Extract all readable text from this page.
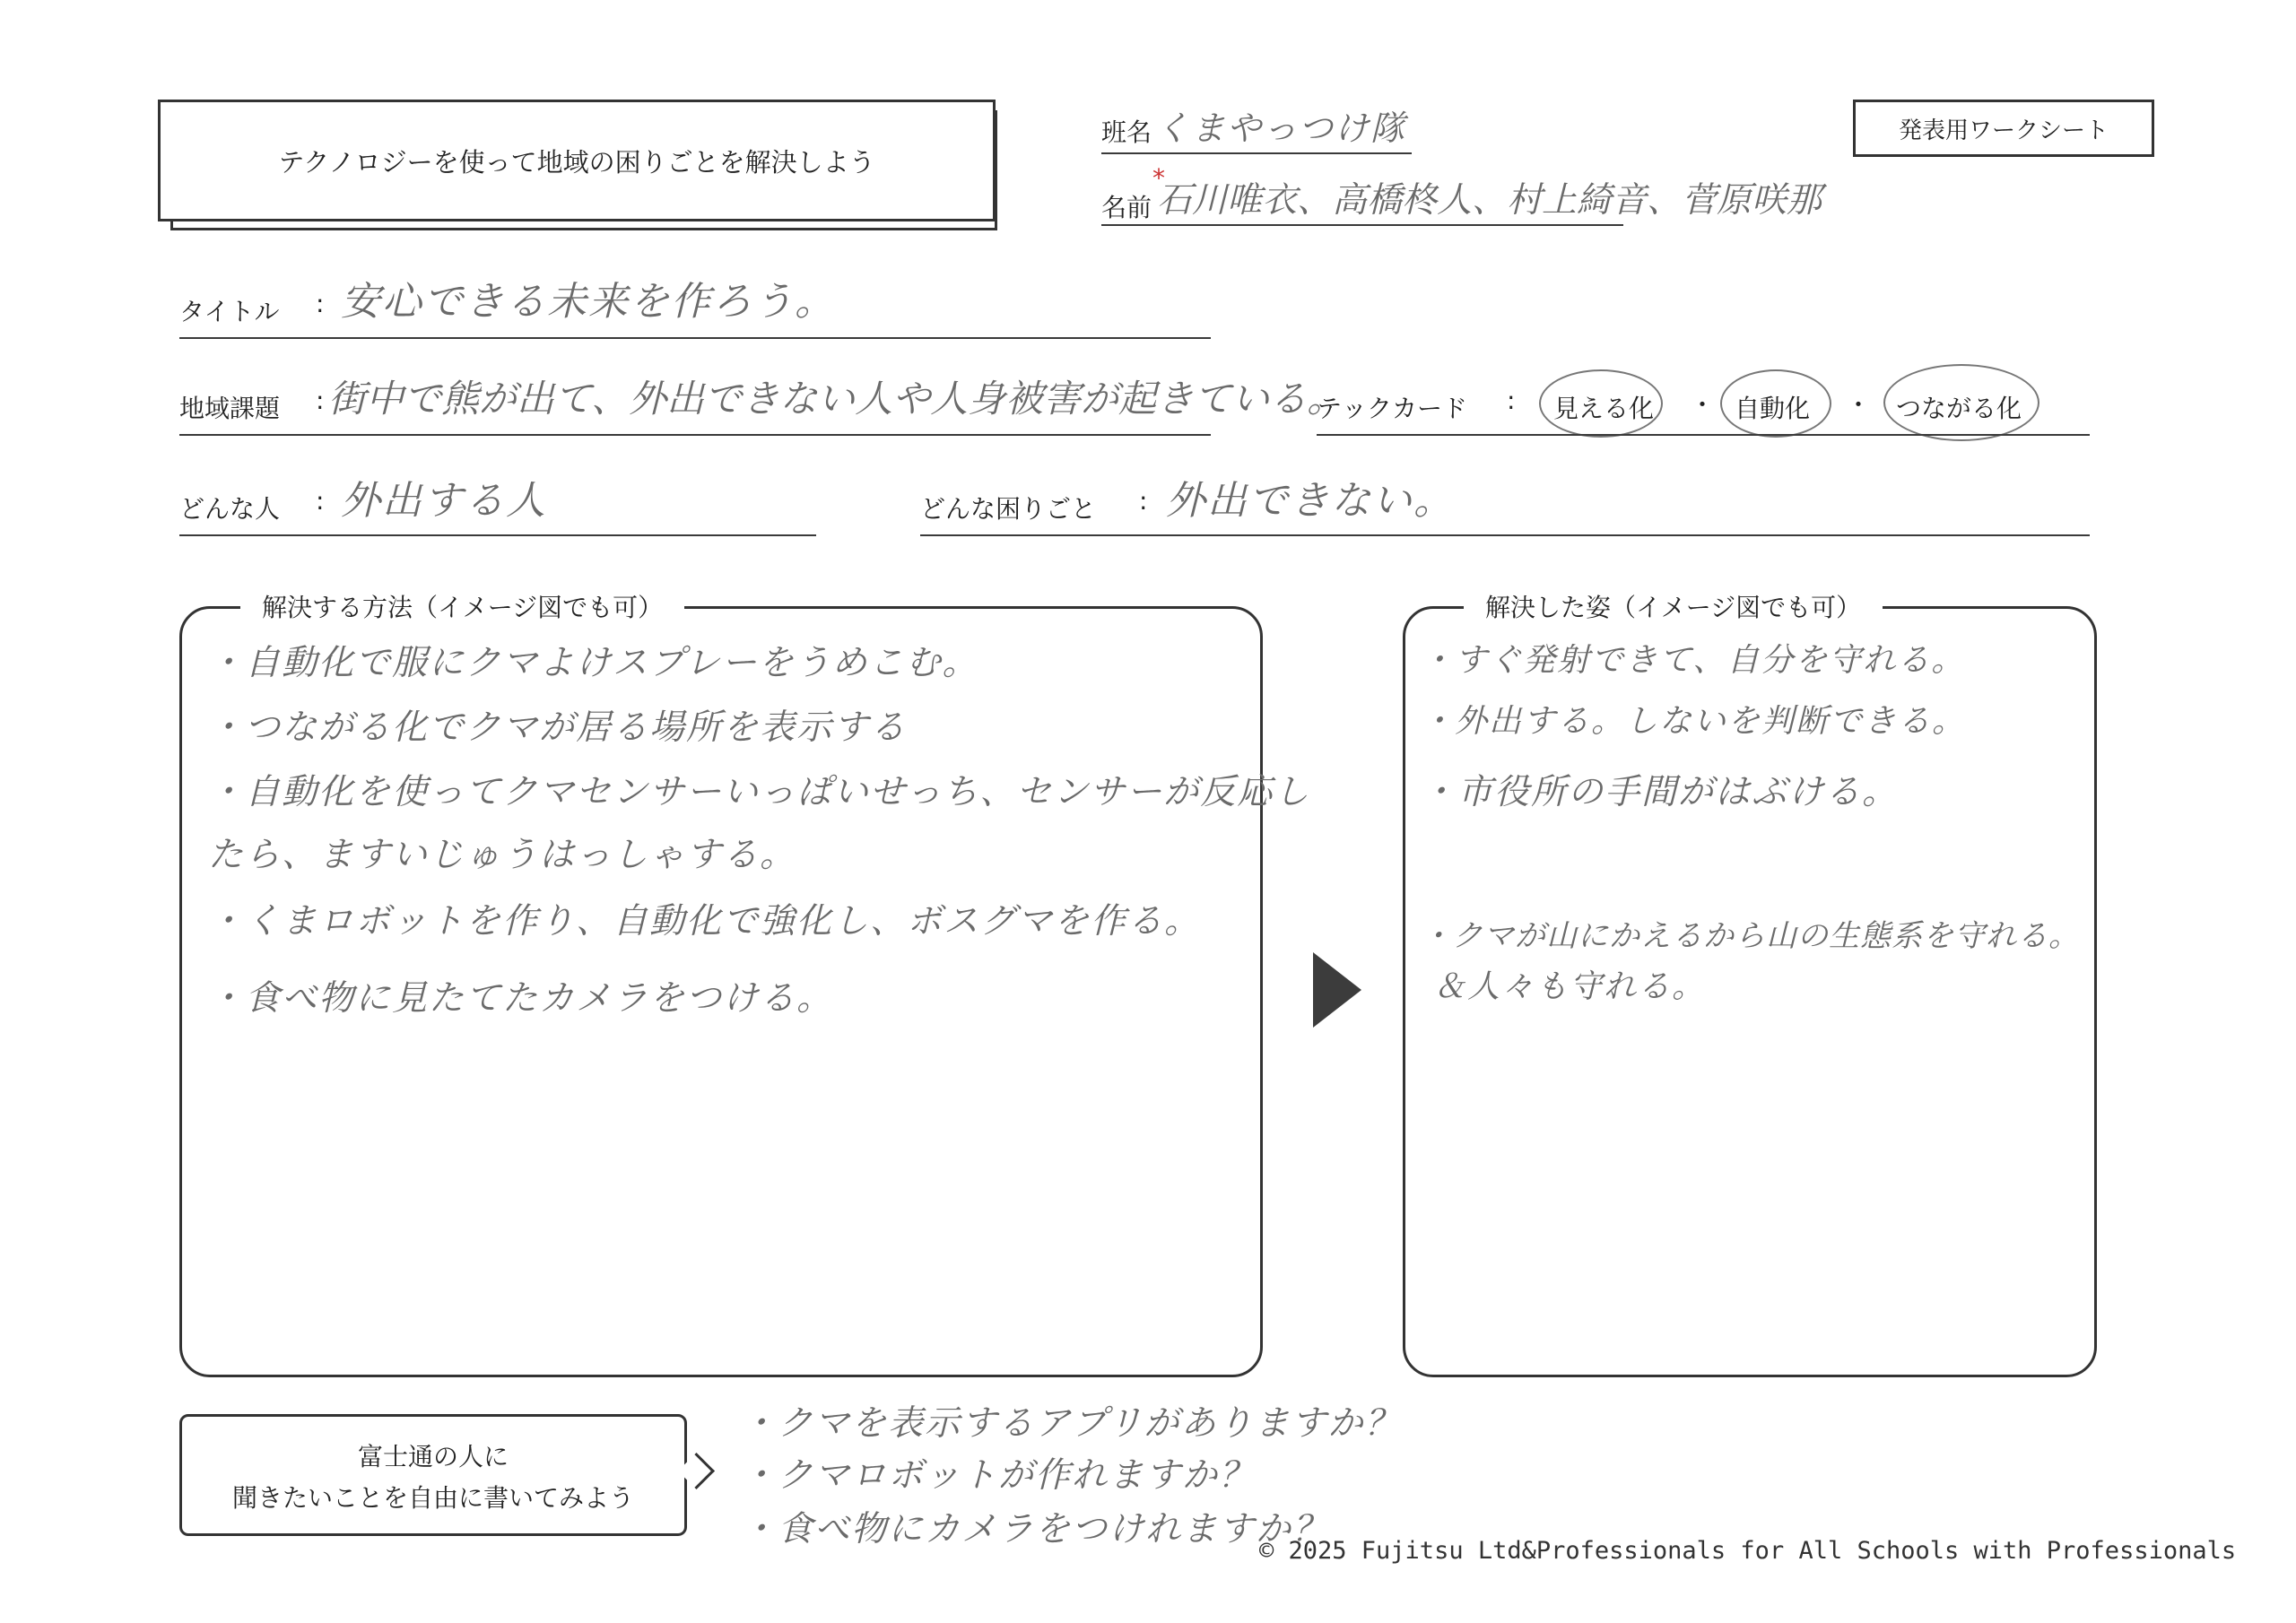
テクノロジーを使って地域の困りごとを解決しよう
班名 くまやっつけ隊	発表用ワークシート
名前
*
石川唯衣、高橋柊人、村上綺音、菅原咲那
タイトル : 安心できる未来を作ろう。
地域課題 : 街中で熊が出て、外出できない人や人身被害が起きている。
テックカード : 見える化 ・ 自動化 ・ つながる化
どんな人 : 外出する人	どんな困りごと : 外出できない。
解決する方法（イメージ図でも可）
・自動化で服にクマよけスプレーをうめこむ。
・つながる化でクマが居る場所を表示する
・自動化を使ってクマセンサーいっぱいせっち、センサーが反応し
たら、ますいじゅうはっしゃする。
・くまロボットを作り、自動化で強化し、ボスグマを作る。
・食べ物に見たてたカメラをつける。
解決した姿（イメージ図でも可）
・すぐ発射できて、自分を守れる。
・外出する。しないを判断できる。
・市役所の手間がはぶける。
・クマが山にかえるから山の生態系を守れる。
＆人々も守れる。
富士通の人に
聞きたいことを自由に書いてみよう
・クマを表示するアプリがありますか？
・クマロボットが作れますか？
・食べ物にカメラをつけれますか？
© 2025 Fujitsu Ltd&Professionals for All Schools with Professionals
